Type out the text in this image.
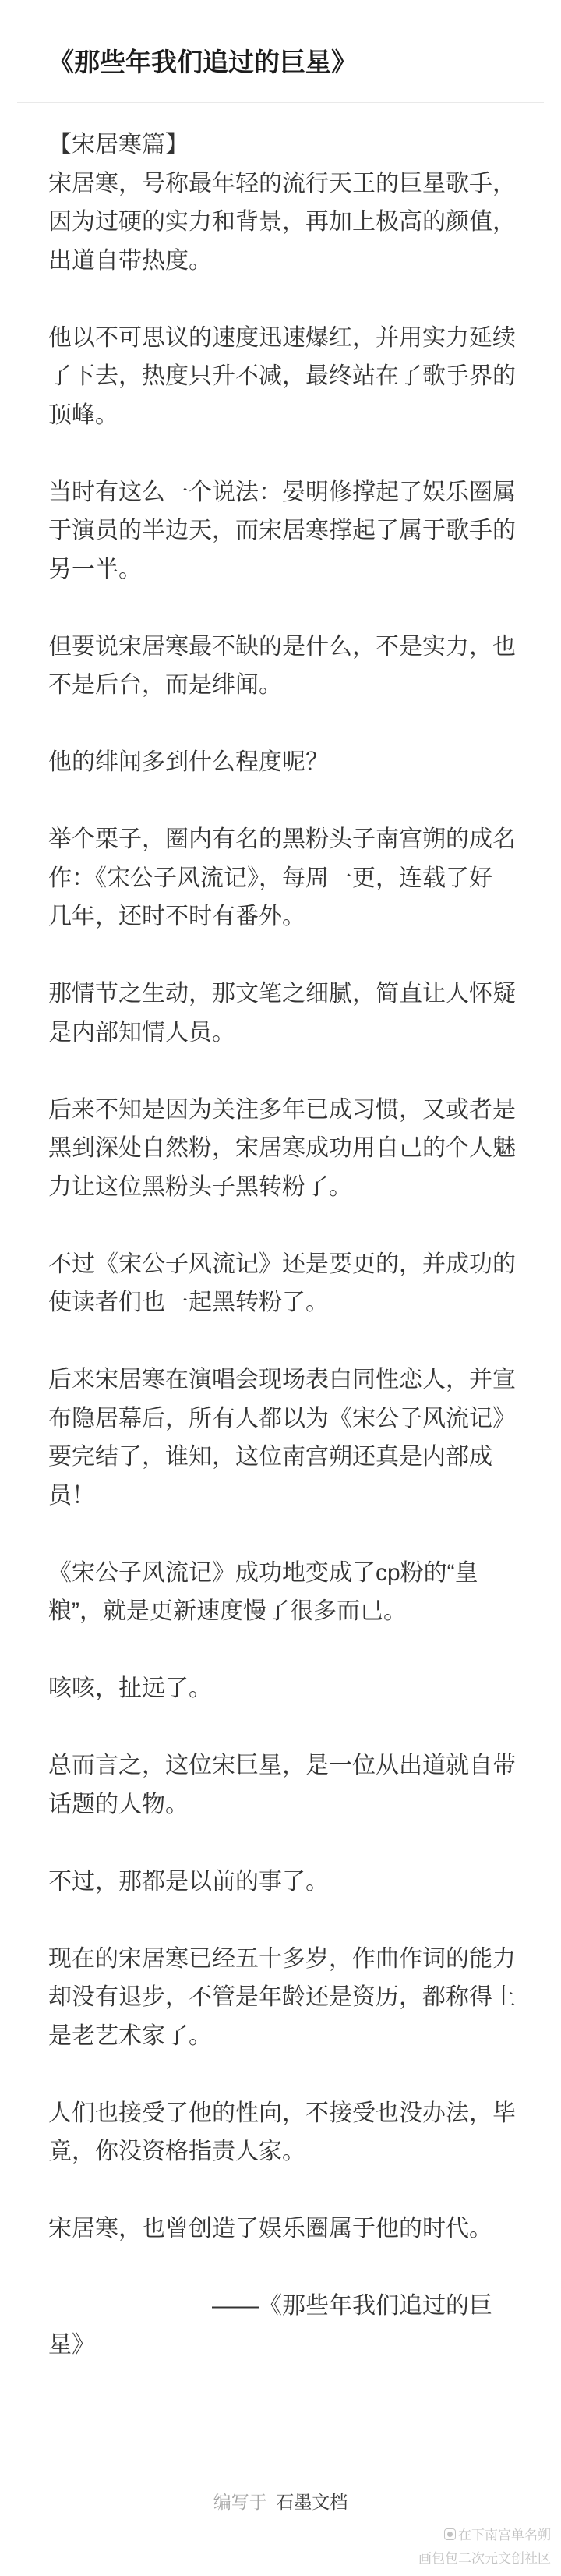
《那些年我们追过的巨星》
【宋居寒篇】
宋居寒，号称最年轻的流行天王的巨星歌手，
因为过硬的实力和背景，再加上极高的颜值，
出道自带热度。
他以不可思议的速度迅速爆红，并用实力延续
了下去，热度只升不减，最终站在了歌手界的
顶峰。
当时有这么一个说法：晏明修撑起了娱乐圈属
于演员的半边天，而宋居寒撑起了属于歌手的
另一半。
但要说宋居寒最不缺的是什么，不是实力，也
不是后台，而是绯闻。
他的绯闻多到什么程度呢？
举个栗子，圈内有名的黑粉头子南宫朔的成名
作：《宋公子风流记》，每周一更，连载了好
几年，还时不时有番外。
那情节之生动，那文笔之细腻，简直让人怀疑
是内部知情人员。
后来不知是因为关注多年已成习惯，又或者是
黑到深处自然粉，宋居寒成功用自己的个人魅
力让这位黑粉头子黑转粉了。
不过《宋公子风流记》还是要更的，并成功的
使读者们也一起黑转粉了。
后来宋居寒在演唱会现场表白同性恋人，并宣
布隐居幕后，所有人都以为《宋公子风流记》
要完结了，谁知，这位南宫朔还真是内部成
员！
《宋公子风流记》成功地变成了cp粉的“皇
粮”，就是更新速度慢了很多而已。
咳咳，扯远了。
总而言之，这位宋巨星，是一位从出道就自带
话题的人物。
不过，那都是以前的事了。
现在的宋居寒已经五十多岁，作曲作词的能力
却没有退步，不管是年龄还是资历，都称得上
是老艺术家了。
人们也接受了他的性向，不接受也没办法，毕
竟，你没资格指责人家。
宋居寒，也曾创造了娱乐圈属于他的时代。
——《那些年我们追过的巨
星》
编写于 石墨文档
在下南宫单名朔
画包包二次元文创社区
